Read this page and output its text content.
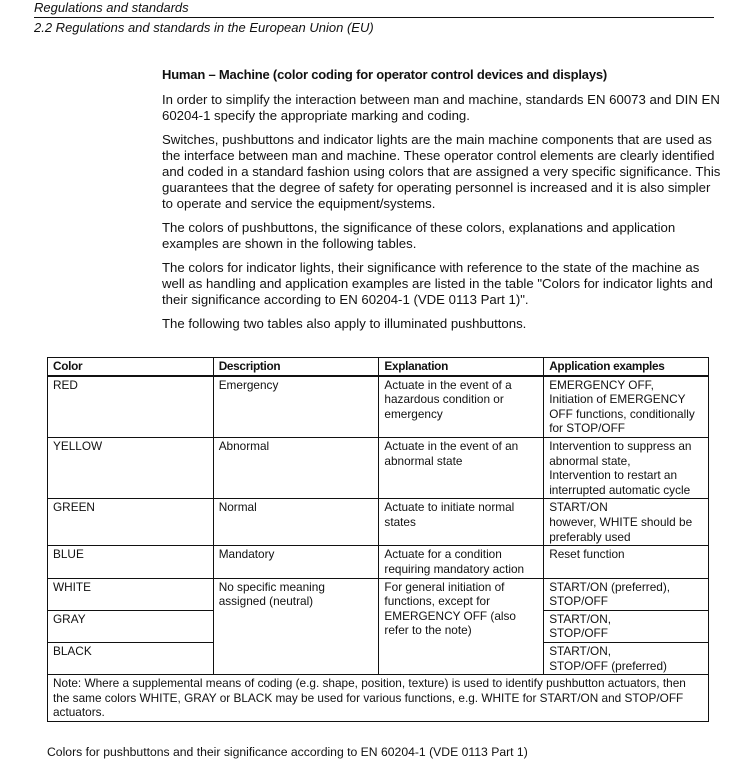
Regulations and standards
2.2 Regulations and standards in the European Union (EU)

Human – Machine (color coding for operator control devices and displays)

In order to simplify the interaction between man and machine, standards EN 60073 and DIN EN 60204-1 specify the appropriate marking and coding.

Switches, pushbuttons and indicator lights are the main machine components that are used as the interface between man and machine. These operator control elements are clearly identified and coded in a standard fashion using colors that are assigned a very specific significance. This guarantees that the degree of safety for operating personnel is increased and it is also simpler to operate and service the equipment/systems.

The colors of pushbuttons, the significance of these colors, explanations and application examples are shown in the following tables.

The colors for indicator lights, their significance with reference to the state of the machine as well as handling and application examples are listed in the table "Colors for indicator lights and their significance according to EN 60204-1 (VDE 0113 Part 1)".

The following two tables also apply to illuminated pushbuttons.

Color	Description	Explanation	Application examples
RED	Emergency	Actuate in the event of a hazardous condition or emergency	EMERGENCY OFF,
Initiation of EMERGENCY OFF functions, conditionally for STOP/OFF

YELLOW	Abnormal	Actuate in the event of an abnormal state	Intervention to suppress an abnormal state,
Intervention to restart an interrupted automatic cycle

GREEN	Normal	Actuate to initiate normal states	START/ON
however, WHITE should be preferably used

BLUE	Mandatory	Actuate for a condition requiring mandatory action	Reset function

WHITE	No specific meaning assigned (neutral)	For general initiation of functions, except for EMERGENCY OFF (also refer to the note)	START/ON (preferred),
STOP/OFF

GRAY			START/ON,
STOP/OFF

BLACK			START/ON,
STOP/OFF (preferred)

Note: Where a supplemental means of coding (e.g. shape, position, texture) is used to identify pushbutton actuators, then the same colors WHITE, GRAY or BLACK may be used for various functions, e.g. WHITE for START/ON and STOP/OFF actuators.			
Colors for pushbuttons and their significance according to EN 60204-1 (VDE 0113 Part 1)
